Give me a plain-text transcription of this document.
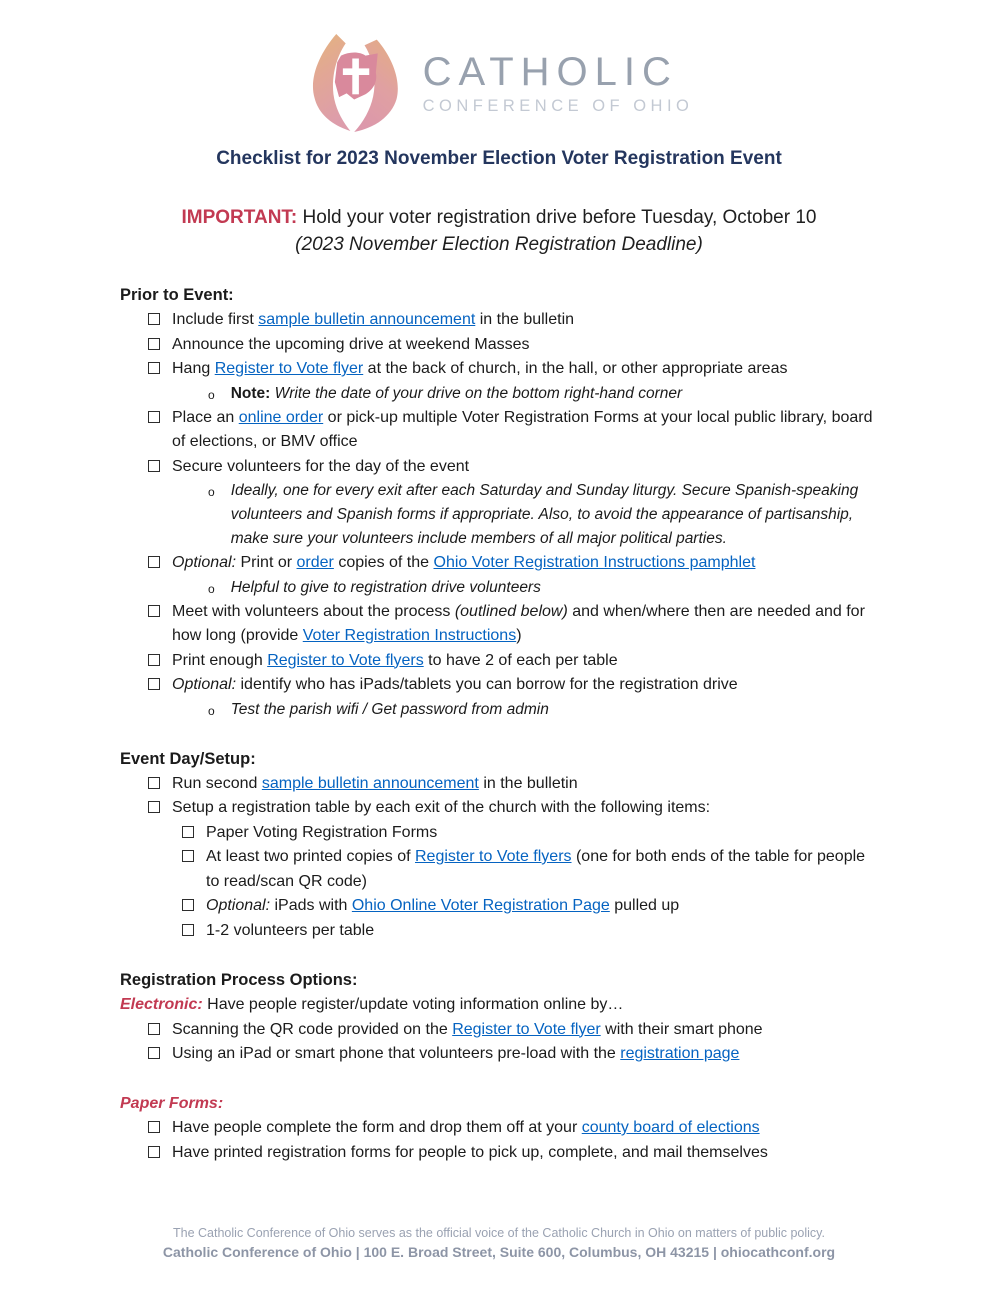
CATHOLIC
CONFERENCE OF OHIO
Checklist for 2023 November Election Voter Registration Event
IMPORTANT: Hold your voter registration drive before Tuesday, October 10
(2023 November Election Registration Deadline)
Prior to Event:
Include first sample bulletin announcement in the bulletin
Announce the upcoming drive at weekend Masses
Hang Register to Vote flyer at the back of church, in the hall, or other appropriate areas
o Note: Write the date of your drive on the bottom right-hand corner
Place an online order or pick-up multiple Voter Registration Forms at your local public library, board of elections, or BMV office
Secure volunteers for the day of the event
o Ideally, one for every exit after each Saturday and Sunday liturgy. Secure Spanish-speaking volunteers and Spanish forms if appropriate. Also, to avoid the appearance of partisanship, make sure your volunteers include members of all major political parties.
Optional: Print or order copies of the Ohio Voter Registration Instructions pamphlet
o Helpful to give to registration drive volunteers
Meet with volunteers about the process (outlined below) and when/where then are needed and for how long (provide Voter Registration Instructions)
Print enough Register to Vote flyers to have 2 of each per table
Optional: identify who has iPads/tablets you can borrow for the registration drive
o Test the parish wifi / Get password from admin
Event Day/Setup:
Run second sample bulletin announcement in the bulletin
Setup a registration table by each exit of the church with the following items:
Paper Voting Registration Forms
At least two printed copies of Register to Vote flyers (one for both ends of the table for people to read/scan QR code)
Optional: iPads with Ohio Online Voter Registration Page pulled up
1-2 volunteers per table
Registration Process Options:
Electronic: Have people register/update voting information online by…
Scanning the QR code provided on the Register to Vote flyer with their smart phone
Using an iPad or smart phone that volunteers pre-load with the registration page
Paper Forms:
Have people complete the form and drop them off at your county board of elections
Have printed registration forms for people to pick up, complete, and mail themselves
The Catholic Conference of Ohio serves as the official voice of the Catholic Church in Ohio on matters of public policy.
Catholic Conference of Ohio | 100 E. Broad Street, Suite 600, Columbus, OH 43215 | ohiocathconf.org
